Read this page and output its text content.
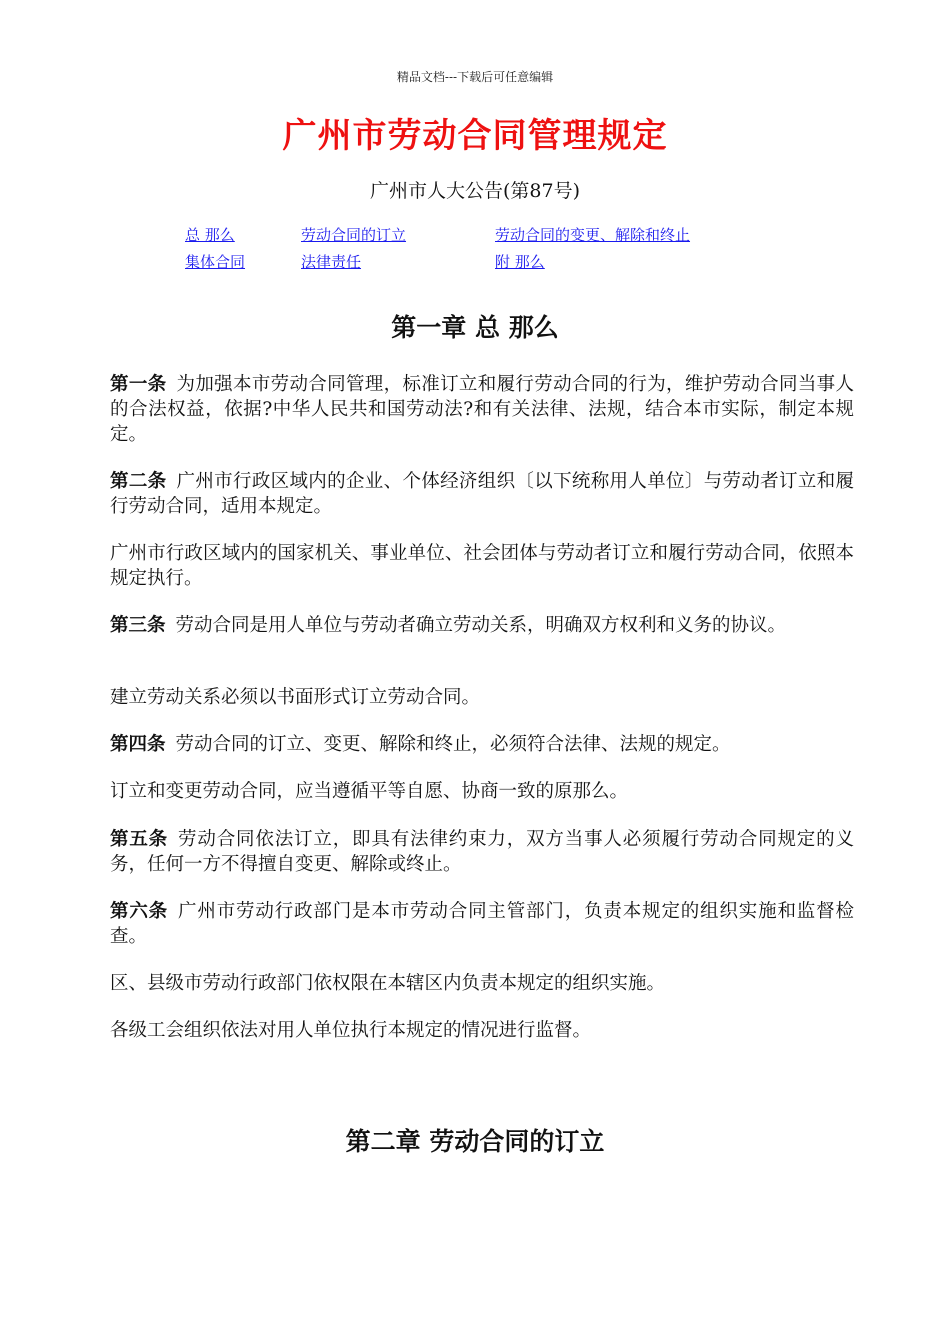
精品文档---下载后可任意编辑
广州市劳动合同管理规定
广州市人大公告(第87号)
总 那么	劳动合同的订立	劳动合同的变更、解除和终止
集体合同	法律责任	附 那么
第一章 总 那么
第一条 为加强本市劳动合同管理，标准订立和履行劳动合同的行为，维护劳动合同当事人的合法权益，依据?中华人民共和国劳动法?和有关法律、法规，结合本市实际，制定本规定。
第二条 广州市行政区域内的企业、个体经济组织〔以下统称用人单位〕与劳动者订立和履行劳动合同，适用本规定。
广州市行政区域内的国家机关、事业单位、社会团体与劳动者订立和履行劳动合同，依照本规定执行。
第三条 劳动合同是用人单位与劳动者确立劳动关系，明确双方权利和义务的协议。
建立劳动关系必须以书面形式订立劳动合同。
第四条 劳动合同的订立、变更、解除和终止，必须符合法律、法规的规定。
订立和变更劳动合同，应当遵循平等自愿、协商一致的原那么。
第五条 劳动合同依法订立，即具有法律约束力，双方当事人必须履行劳动合同规定的义务，任何一方不得擅自变更、解除或终止。
第六条 广州市劳动行政部门是本市劳动合同主管部门，负责本规定的组织实施和监督检查。
区、县级市劳动行政部门依权限在本辖区内负责本规定的组织实施。
各级工会组织依法对用人单位执行本规定的情况进行监督。
第二章 劳动合同的订立
